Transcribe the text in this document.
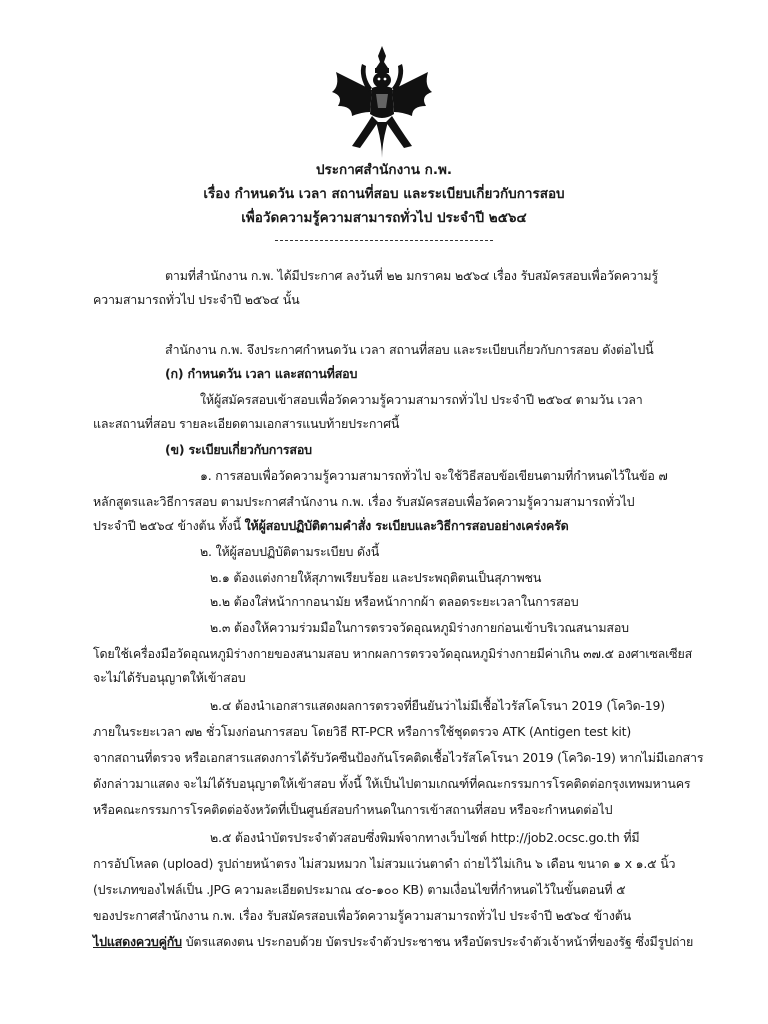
ประกาศสำนักงาน ก.พ.
เรื่อง กำหนดวัน เวลา สถานที่สอบ และระเบียบเกี่ยวกับการสอบ
เพื่อวัดความรู้ความสามารถทั่วไป ประจำปี ๒๕๖๔
ตามที่สำนักงาน ก.พ. ได้มีประกาศ ลงวันที่ ๒๒ มกราคม ๒๕๖๔ เรื่อง รับสมัครสอบเพื่อวัดความรู้
ความสามารถทั่วไป ประจำปี ๒๕๖๔ นั้น
สำนักงาน ก.พ. จึงประกาศกำหนดวัน เวลา สถานที่สอบ และระเบียบเกี่ยวกับการสอบ ดังต่อไปนี้
(ก) กำหนดวัน เวลา และสถานที่สอบ
ให้ผู้สมัครสอบเข้าสอบเพื่อวัดความรู้ความสามารถทั่วไป ประจำปี ๒๕๖๔ ตามวัน เวลา
และสถานที่สอบ รายละเอียดตามเอกสารแนบท้ายประกาศนี้
(ข) ระเบียบเกี่ยวกับการสอบ
๑. การสอบเพื่อวัดความรู้ความสามารถทั่วไป จะใช้วิธีสอบข้อเขียนตามที่กำหนดไว้ในข้อ ๗
หลักสูตรและวิธีการสอบ ตามประกาศสำนักงาน ก.พ. เรื่อง รับสมัครสอบเพื่อวัดความรู้ความสามารถทั่วไป
ประจำปี ๒๕๖๔ ข้างต้น ทั้งนี้ ให้ผู้สอบปฏิบัติตามคำสั่ง ระเบียบและวิธีการสอบอย่างเคร่งครัด
๒. ให้ผู้สอบปฏิบัติตามระเบียบ ดังนี้
๒.๑ ต้องแต่งกายให้สุภาพเรียบร้อย และประพฤติตนเป็นสุภาพชน
๒.๒ ต้องใส่หน้ากากอนามัย หรือหน้ากากผ้า ตลอดระยะเวลาในการสอบ
๒.๓ ต้องให้ความร่วมมือในการตรวจวัดอุณหภูมิร่างกายก่อนเข้าบริเวณสนามสอบ
โดยใช้เครื่องมือวัดอุณหภูมิร่างกายของสนามสอบ หากผลการตรวจวัดอุณหภูมิร่างกายมีค่าเกิน ๓๗.๕ องศาเซลเซียส
จะไม่ได้รับอนุญาตให้เข้าสอบ
๒.๔ ต้องนำเอกสารแสดงผลการตรวจที่ยืนยันว่าไม่มีเชื้อไวรัสโคโรนา 2019 (โควิด-19)
ภายในระยะเวลา ๗๒ ชั่วโมงก่อนการสอบ โดยวิธี RT-PCR หรือการใช้ชุดตรวจ ATK (Antigen test kit)
จากสถานที่ตรวจ หรือเอกสารแสดงการได้รับวัคซีนป้องกันโรคติดเชื้อไวรัสโคโรนา 2019 (โควิด-19) หากไม่มีเอกสาร
ดังกล่าวมาแสดง จะไม่ได้รับอนุญาตให้เข้าสอบ ทั้งนี้ ให้เป็นไปตามเกณฑ์ที่คณะกรรมการโรคติดต่อกรุงเทพมหานคร
หรือคณะกรรมการโรคติดต่อจังหวัดที่เป็นศูนย์สอบกำหนดในการเข้าสถานที่สอบ หรือจะกำหนดต่อไป
๒.๕ ต้องนำบัตรประจำตัวสอบซึ่งพิมพ์จากทางเว็บไซต์ http://job2.ocsc.go.th ที่มี
การอัปโหลด (upload) รูปถ่ายหน้าตรง ไม่สวมหมวก ไม่สวมแว่นตาดำ ถ่ายไว้ไม่เกิน ๖ เดือน ขนาด ๑ x ๑.๕ นิ้ว
(ประเภทของไฟล์เป็น .JPG ความละเอียดประมาณ ๔๐-๑๐๐ KB) ตามเงื่อนไขที่กำหนดไว้ในขั้นตอนที่ ๕
ของประกาศสำนักงาน ก.พ. เรื่อง รับสมัครสอบเพื่อวัดความรู้ความสามารถทั่วไป ประจำปี ๒๕๖๔ ข้างต้น
ไปแสดงควบคู่กับ บัตรแสดงตน ประกอบด้วย บัตรประจำตัวประชาชน หรือบัตรประจำตัวเจ้าหน้าที่ของรัฐ ซึ่งมีรูปถ่าย
